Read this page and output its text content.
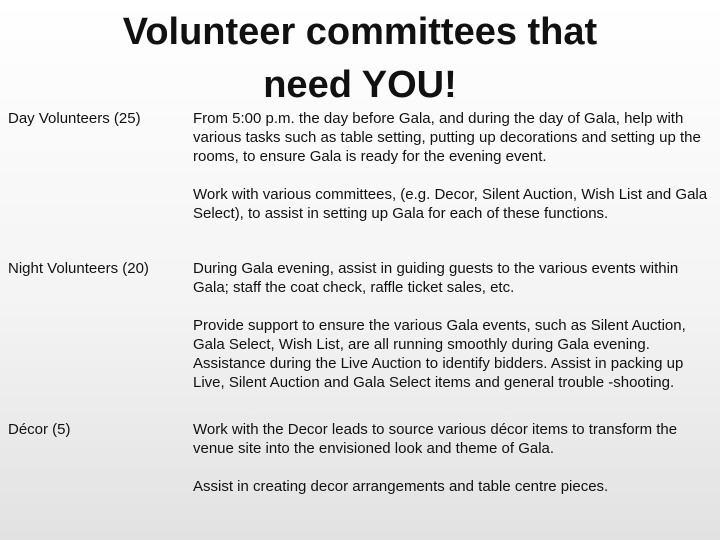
Volunteer committees that
need YOU!
Day Volunteers (25)	From 5:00 p.m. the day before Gala, and during the day of Gala, help with various tasks such as table setting, putting up decorations and setting up the rooms, to ensure Gala is ready for the evening event.

Work with various committees, (e.g. Decor, Silent Auction, Wish List and Gala Select), to assist in setting up Gala for each of these functions.

Night Volunteers (20)	During Gala evening, assist in guiding guests to the various events within Gala; staff the coat check, raffle ticket sales, etc.

Provide support to ensure the various Gala events, such as Silent Auction, Gala Select, Wish List, are all running smoothly during Gala evening. Assistance during the Live Auction to identify bidders. Assist in packing up Live, Silent Auction and Gala Select items and general trouble -shooting.

Décor (5)	Work with the Decor leads to source various décor items to transform the venue site into the envisioned look and theme of Gala.

Assist in creating decor arrangements and table centre pieces.
